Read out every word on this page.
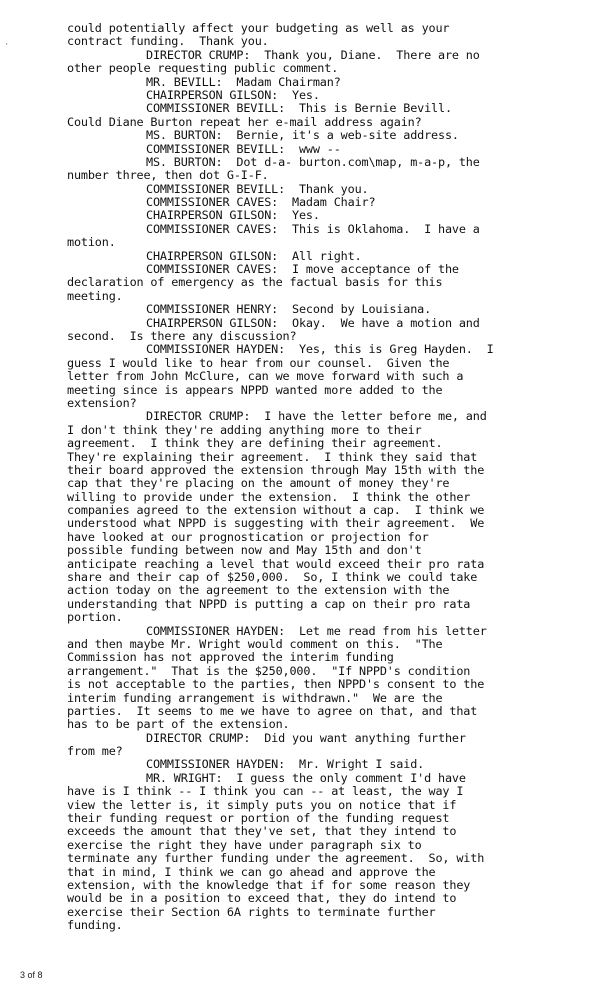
'
could potentially affect your budgeting as well as your
contract funding.  Thank you.
DIRECTOR CRUMP:  Thank you, Diane.  There are no
other people requesting public comment.
MR. BEVILL:  Madam Chairman?
CHAIRPERSON GILSON:  Yes.
COMMISSIONER BEVILL:  This is Bernie Bevill.
Could Diane Burton repeat her e-mail address again?
MS. BURTON:  Bernie, it's a web-site address.
COMMISSIONER BEVILL:  www --
MS. BURTON:  Dot d-a- burton.com\map, m-a-p, the
number three, then dot G-I-F.
COMMISSIONER BEVILL:  Thank you.
COMMISSIONER CAVES:  Madam Chair?
CHAIRPERSON GILSON:  Yes.
COMMISSIONER CAVES:  This is Oklahoma.  I have a
motion.
CHAIRPERSON GILSON:  All right.
COMMISSIONER CAVES:  I move acceptance of the
declaration of emergency as the factual basis for this
meeting.
COMMISSIONER HENRY:  Second by Louisiana.
CHAIRPERSON GILSON:  Okay.  We have a motion and
second.  Is there any discussion?
COMMISSIONER HAYDEN:  Yes, this is Greg Hayden.  I
guess I would like to hear from our counsel.  Given the
letter from John McClure, can we move forward with such a
meeting since is appears NPPD wanted more added to the
extension?
DIRECTOR CRUMP:  I have the letter before me, and
I don't think they're adding anything more to their
agreement.  I think they are defining their agreement.
They're explaining their agreement.  I think they said that
their board approved the extension through May 15th with the
cap that they're placing on the amount of money they're
willing to provide under the extension.  I think the other
companies agreed to the extension without a cap.  I think we
understood what NPPD is suggesting with their agreement.  We
have looked at our prognostication or projection for
possible funding between now and May 15th and don't
anticipate reaching a level that would exceed their pro rata
share and their cap of $250,000.  So, I think we could take
action today on the agreement to the extension with the
understanding that NPPD is putting a cap on their pro rata
portion.
COMMISSIONER HAYDEN:  Let me read from his letter
and then maybe Mr. Wright would comment on this.  "The
Commission has not approved the interim funding
arrangement."  That is the $250,000.  "If NPPD's condition
is not acceptable to the parties, then NPPD's consent to the
interim funding arrangement is withdrawn."  We are the
parties.  It seems to me we have to agree on that, and that
has to be part of the extension.
DIRECTOR CRUMP:  Did you want anything further
from me?
COMMISSIONER HAYDEN:  Mr. Wright I said.
MR. WRIGHT:  I guess the only comment I'd have
have is I think -- I think you can -- at least, the way I
view the letter is, it simply puts you on notice that if
their funding request or portion of the funding request
exceeds the amount that they've set, that they intend to
exercise the right they have under paragraph six to
terminate any further funding under the agreement.  So, with
that in mind, I think we can go ahead and approve the
extension, with the knowledge that if for some reason they
would be in a position to exceed that, they do intend to
exercise their Section 6A rights to terminate further
funding.
3 of 8
